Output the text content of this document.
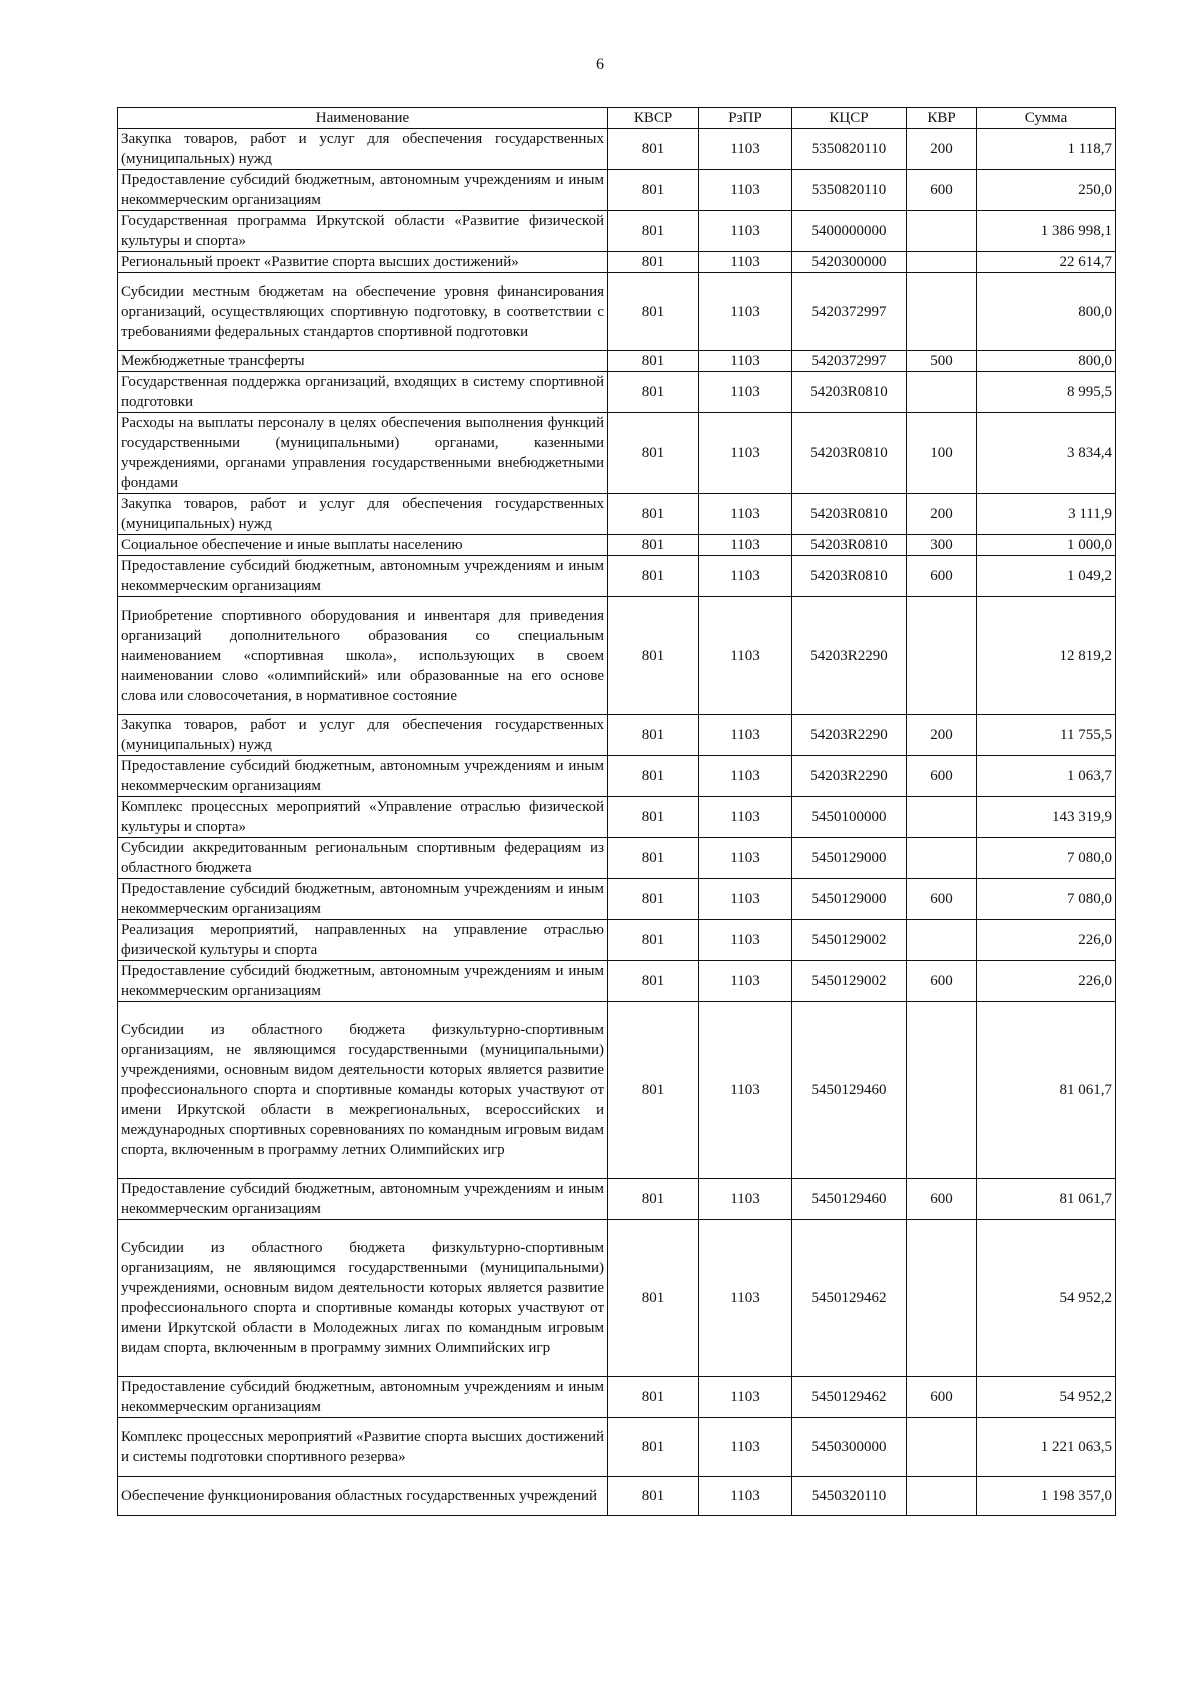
6
Наименование	КВСР	РзПР	КЦСР	КВР	Сумма
Закупка товаров, работ и услуг для обеспечения государственных (муниципальных) нужд	801	1103	5350820110	200	1 118,7
Предоставление субсидий бюджетным, автономным учреждениям и иным некоммерческим организациям	801	1103	5350820110	600	250,0
Государственная программа Иркутской области «Развитие физической культуры и спорта»	801	1103	5400000000		1 386 998,1
Региональный проект «Развитие спорта высших достижений»	801	1103	5420300000		22 614,7
Субсидии местным бюджетам на обеспечение уровня финансирования организаций, осуществляющих спортивную подготовку, в соответствии с требованиями федеральных стандартов спортивной подготовки	801	1103	5420372997		800,0
Межбюджетные трансферты	801	1103	5420372997	500	800,0
Государственная поддержка организаций, входящих в систему спортивной подготовки	801	1103	54203R0810		8 995,5
Расходы на выплаты персоналу в целях обеспечения выполнения функций государственными (муниципальными) органами, казенными учреждениями, органами управления государственными внебюджетными фондами	801	1103	54203R0810	100	3 834,4
Закупка товаров, работ и услуг для обеспечения государственных (муниципальных) нужд	801	1103	54203R0810	200	3 111,9
Социальное обеспечение и иные выплаты населению	801	1103	54203R0810	300	1 000,0
Предоставление субсидий бюджетным, автономным учреждениям и иным некоммерческим организациям	801	1103	54203R0810	600	1 049,2
Приобретение спортивного оборудования и инвентаря для приведения организаций дополнительного образования со специальным наименованием «спортивная школа», использующих в своем наименовании слово «олимпийский» или образованные на его основе слова или словосочетания, в нормативное состояние	801	1103	54203R2290		12 819,2
Закупка товаров, работ и услуг для обеспечения государственных (муниципальных) нужд	801	1103	54203R2290	200	11 755,5
Предоставление субсидий бюджетным, автономным учреждениям и иным некоммерческим организациям	801	1103	54203R2290	600	1 063,7
Комплекс процессных мероприятий «Управление отраслью физической культуры и спорта»	801	1103	5450100000		143 319,9
Субсидии аккредитованным региональным спортивным федерациям из областного бюджета	801	1103	5450129000		7 080,0
Предоставление субсидий бюджетным, автономным учреждениям и иным некоммерческим организациям	801	1103	5450129000	600	7 080,0
Реализация мероприятий, направленных на управление отраслью физической культуры и спорта	801	1103	5450129002		226,0
Предоставление субсидий бюджетным, автономным учреждениям и иным некоммерческим организациям	801	1103	5450129002	600	226,0
Субсидии из областного бюджета физкультурно-спортивным организациям, не являющимся государственными (муниципальными) учреждениями, основным видом деятельности которых является развитие профессионального спорта и спортивные команды которых участвуют от имени Иркутской области в межрегиональных, всероссийских и международных спортивных соревнованиях по командным игровым видам спорта, включенным в программу летних Олимпийских игр	801	1103	5450129460		81 061,7
Предоставление субсидий бюджетным, автономным учреждениям и иным некоммерческим организациям	801	1103	5450129460	600	81 061,7
Субсидии из областного бюджета физкультурно-спортивным организациям, не являющимся государственными (муниципальными) учреждениями, основным видом деятельности которых является развитие профессионального спорта и спортивные команды которых участвуют от имени Иркутской области в Молодежных лигах по командным игровым видам спорта, включенным в программу зимних Олимпийских игр	801	1103	5450129462		54 952,2
Предоставление субсидий бюджетным, автономным учреждениям и иным некоммерческим организациям	801	1103	5450129462	600	54 952,2
Комплекс процессных мероприятий «Развитие спорта высших достижений и системы подготовки спортивного резерва»	801	1103	5450300000		1 221 063,5
Обеспечение функционирования областных государственных учреждений	801	1103	5450320110		1 198 357,0
